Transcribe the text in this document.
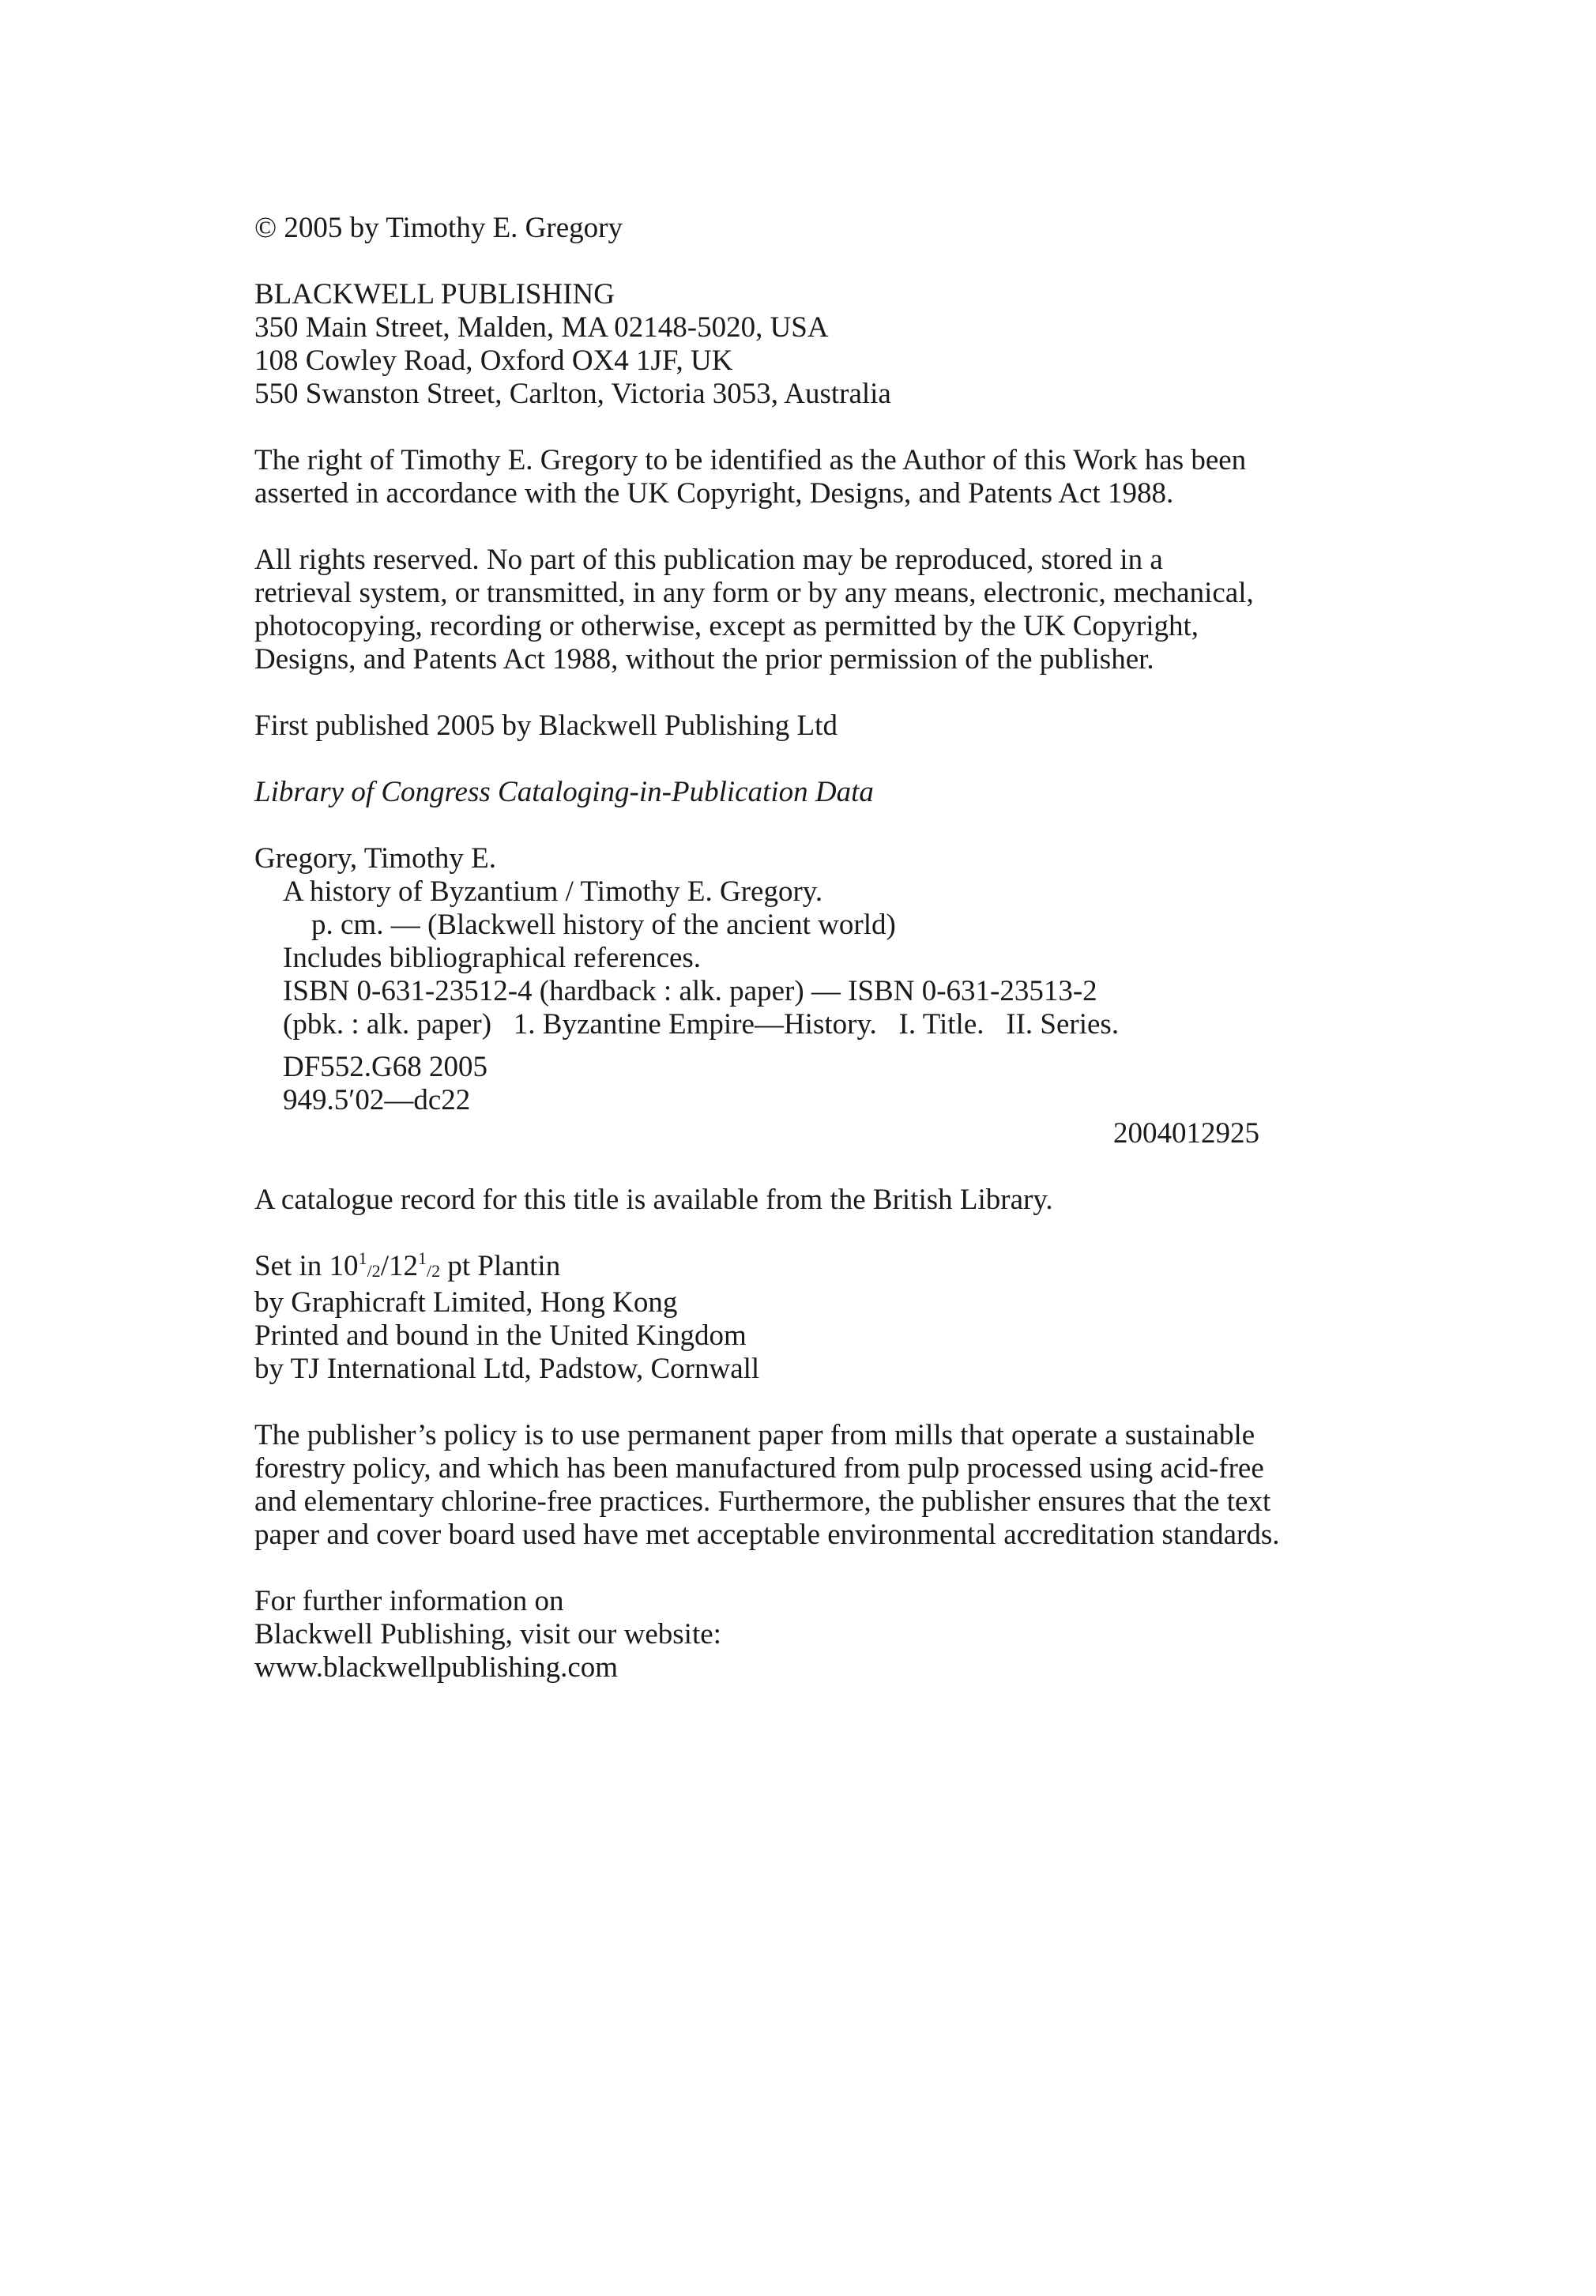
© 2005 by Timothy E. Gregory
BLACKWELL PUBLISHING
350 Main Street, Malden, MA 02148-5020, USA
108 Cowley Road, Oxford OX4 1JF, UK
550 Swanston Street, Carlton, Victoria 3053, Australia
The right of Timothy E. Gregory to be identified as the Author of this Work has been
asserted in accordance with the UK Copyright, Designs, and Patents Act 1988.
All rights reserved. No part of this publication may be reproduced, stored in a
retrieval system, or transmitted, in any form or by any means, electronic, mechanical,
photocopying, recording or otherwise, except as permitted by the UK Copyright,
Designs, and Patents Act 1988, without the prior permission of the publisher.
First published 2005 by Blackwell Publishing Ltd
Library of Congress Cataloging-in-Publication Data
Gregory, Timothy E.
A history of Byzantium / Timothy E. Gregory.
p. cm. — (Blackwell history of the ancient world)
Includes bibliographical references.
ISBN 0-631-23512-4 (hardback : alk. paper) — ISBN 0-631-23513-2
(pbk. : alk. paper)   1. Byzantine Empire—History.   I. Title.   II. Series.
DF552.G68 2005
949.5′02—dc22
2004012925
A catalogue record for this title is available from the British Library.
Set in $10^1/2/12^1/2$ pt Plantin
by Graphicraft Limited, Hong Kong
Printed and bound in the United Kingdom
by TJ International Ltd, Padstow, Cornwall
The publisher’s policy is to use permanent paper from mills that operate a sustainable
forestry policy, and which has been manufactured from pulp processed using acid-free
and elementary chlorine-free practices. Furthermore, the publisher ensures that the text
paper and cover board used have met acceptable environmental accreditation standards.
For further information on
Blackwell Publishing, visit our website:
www.blackwellpublishing.com
